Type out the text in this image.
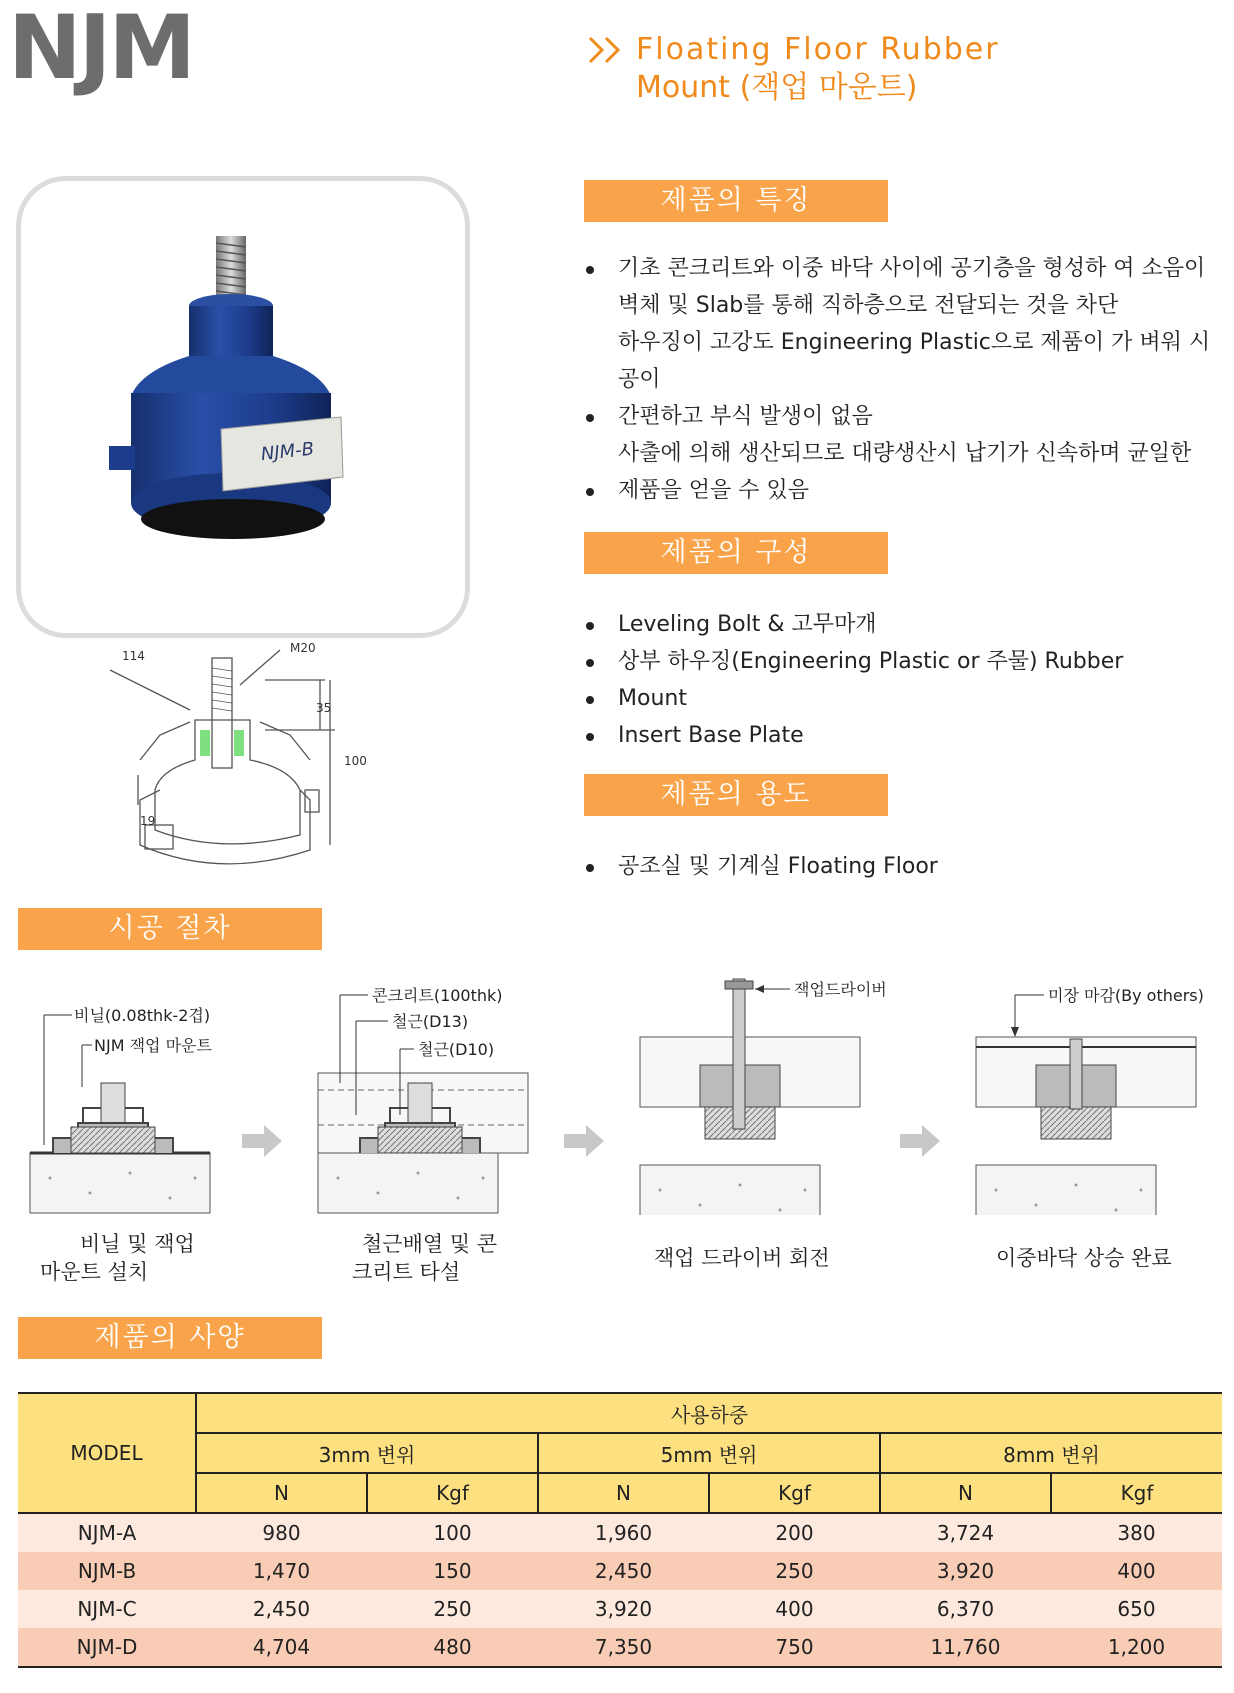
NJM	Floating Floor Rubber
Mount (잭업 마운트)
NJM-B
M20
114
35
100
19
제품의 특징
기초 콘크리트와 이중 바닥 사이에 공기층을 형성하 여 소음이
벽체 및 Slab를 통해 직하층으로 전달되는 것을 차단
하우징이 고강도 Engineering Plastic으로 제품이 가 벼워 시공이
간편하고 부식 발생이 없음
사출에 의해 생산되므로 대량생산시 납기가 신속하며 균일한
제품을 얻을 수 있음
제품의 구성
Leveling Bolt & 고무마개
상부 하우징(Engineering Plastic or 주물) Rubber
Mount
Insert Base Plate
제품의 용도
공조실 및 기계실 Floating Floor
시공 절차
비닐(0.08thk-2겹)
NJM 잭업 마운트
콘크리트(100thk)
철근(D13)
철근(D10)
잭업드라이버	미장 마감(By others)
비닐 및 잭업
마운트 설치
철근배열 및 콘
크리트 타설
잭업 드라이버 회전	이중바닥 상승 완료
제품의 사양
MODEL	사용하중					
	3mm 변위		5mm 변위		8mm 변위	
	N	Kgf	N	Kgf	N	Kgf
NJM-A	980	100	1,960	200	3,724	380
NJM-B	1,470	150	2,450	250	3,920	400
NJM-C	2,450	250	3,920	400	6,370	650
NJM-D	4,704	480	7,350	750	11,760	1,200
